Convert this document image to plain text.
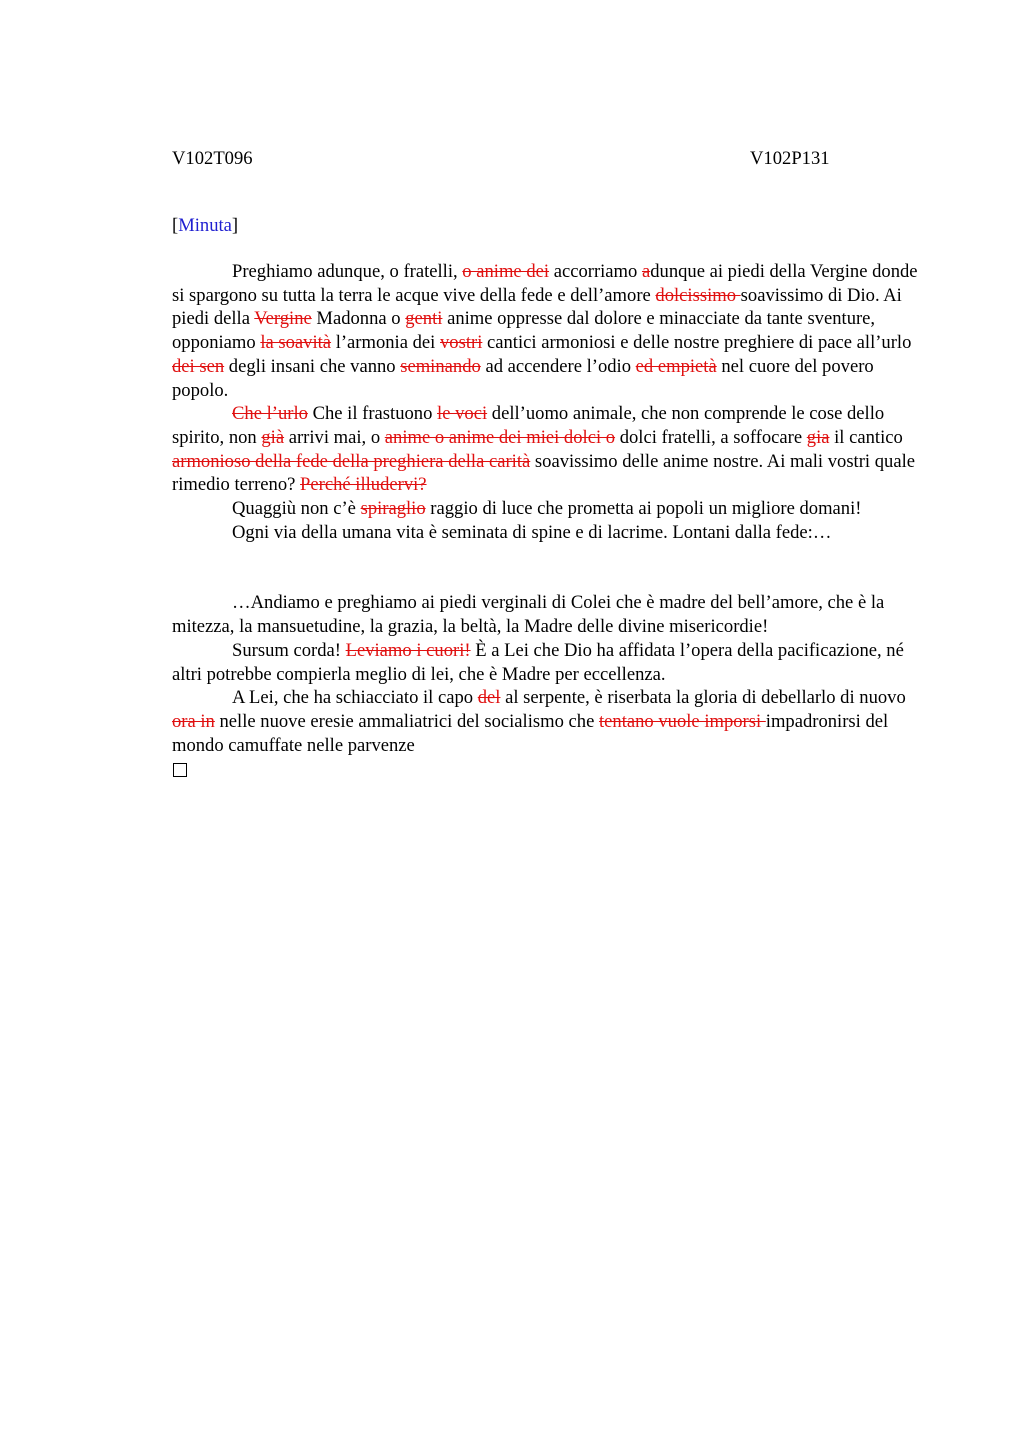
V102T096	V102P131
[Minuta]

Preghiamo adunque, o fratelli, o anime dei accorriamo adunque ai piedi della Vergine donde si spargono su tutta la terra le acque vive della fede e dell’amore dolcissimo soavissimo di Dio. Ai piedi della Vergine Madonna o genti anime oppresse dal dolore e minacciate da tante sventure, opponiamo la soavità l’armonia dei vostri cantici armoniosi e delle nostre preghiere di pace all’urlo dei sen degli insani che vanno seminando ad accendere l’odio ed empietà nel cuore del povero popolo.

Che l’urlo Che il frastuono le voci dell’uomo animale, che non comprende le cose dello spirito, non già arrivi mai, o anime o anime dei miei dolci o dolci fratelli, a soffocare gia il cantico armonioso della fede della preghiera della carità soavissimo delle anime nostre. Ai mali vostri quale rimedio terreno? Perché illudervi?

Quaggiù non c’è spiraglio raggio di luce che prometta ai popoli un migliore domani!

Ogni via della umana vita è seminata di spine e di lacrime. Lontani dalla fede:…

…Andiamo e preghiamo ai piedi verginali di Colei che è madre del bell’amore, che è la mitezza, la mansuetudine, la grazia, la beltà, la Madre delle divine misericordie!

Sursum corda! Leviamo i cuori! È a Lei che Dio ha affidata l’opera della pacificazione, né altri potrebbe compierla meglio di lei, che è Madre per eccellenza.

A Lei, che ha schiacciato il capo del al serpente, è riserbata la gloria di debellarlo di nuovo ora in nelle nuove eresie ammaliatrici del socialismo che tentano vuole imporsi impadronirsi del mondo camuffate nelle parvenze
